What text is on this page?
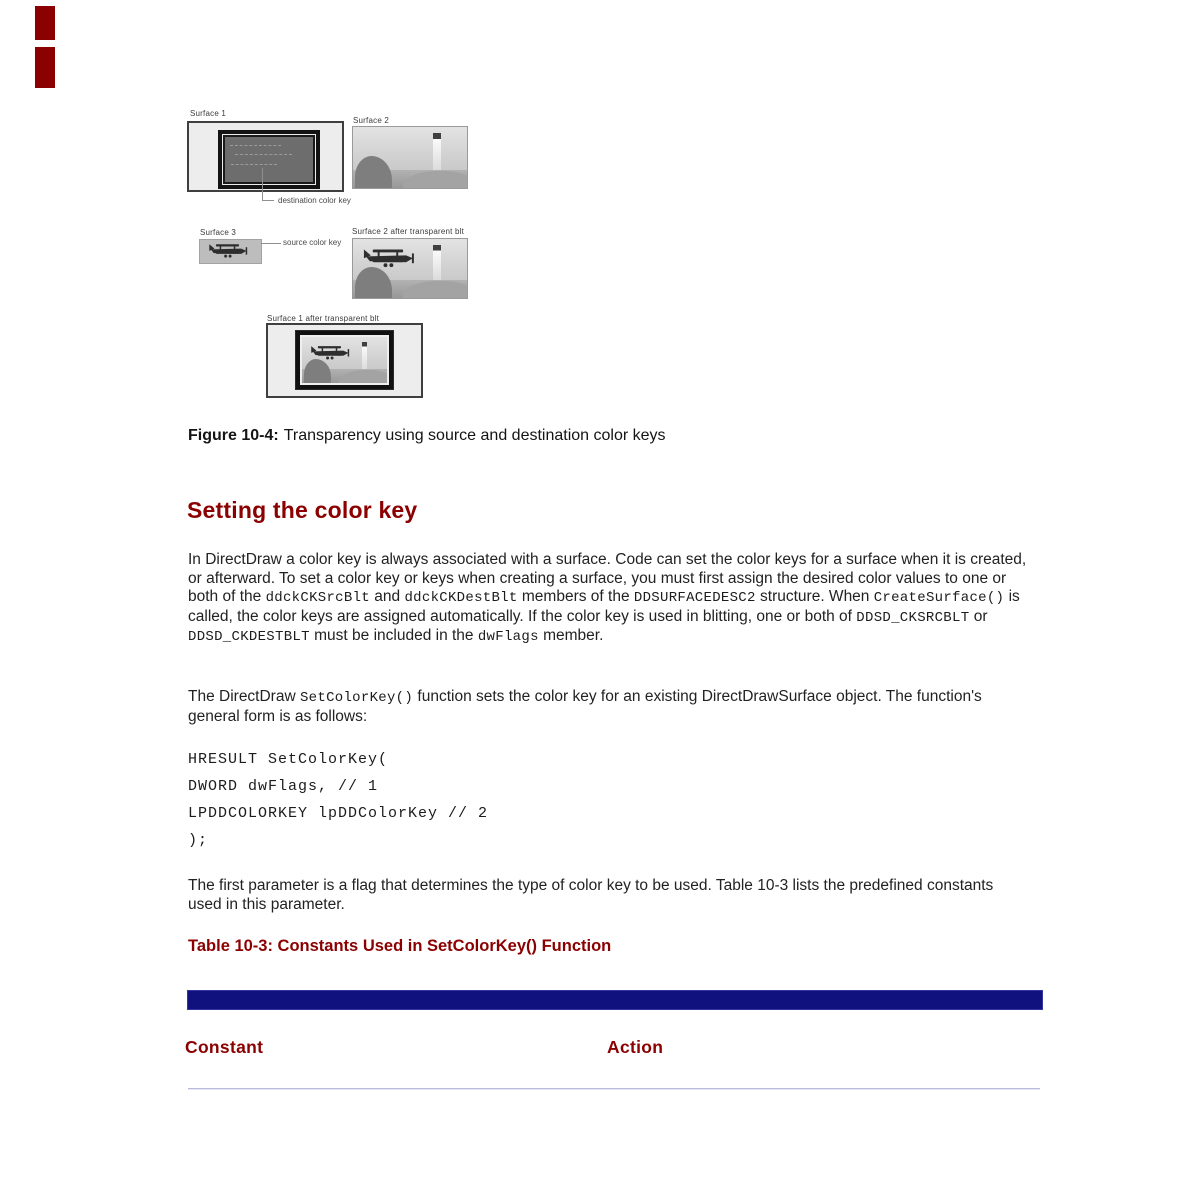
Surface 1
destination color key
Surface 2
Surface 3
source color key
Surface 2 after transparent blt
Surface 1 after transparent blt
Figure 10-4: Transparency using source and destination color keys
Setting the color key

In DirectDraw a color key is always associated with a surface. Code can set the color keys for a surface when it is created, or afterward. To set a color key or keys when creating a surface, you must first assign the desired color values to one or both of the ddckCKSrcBlt and ddckCKDestBlt members of the DDSURFACEDESC2 structure. When CreateSurface() is called, the color keys are assigned automatically. If the color key is used in blitting, one or both of DDSD_CKSRCBLT or DDSD_CKDESTBLT must be included in the dwFlags member.

The DirectDraw SetColorKey() function sets the color key for an existing DirectDrawSurface object. The function's general form is as follows:

HRESULT SetColorKey(
DWORD dwFlags, // 1
LPDDCOLORKEY lpDDColorKey // 2
);

The first parameter is a flag that determines the type of color key to be used. Table 10-3 lists the predefined constants used in this parameter.

Table 10-3: Constants Used in SetColorKey() Function
Constant	Action
